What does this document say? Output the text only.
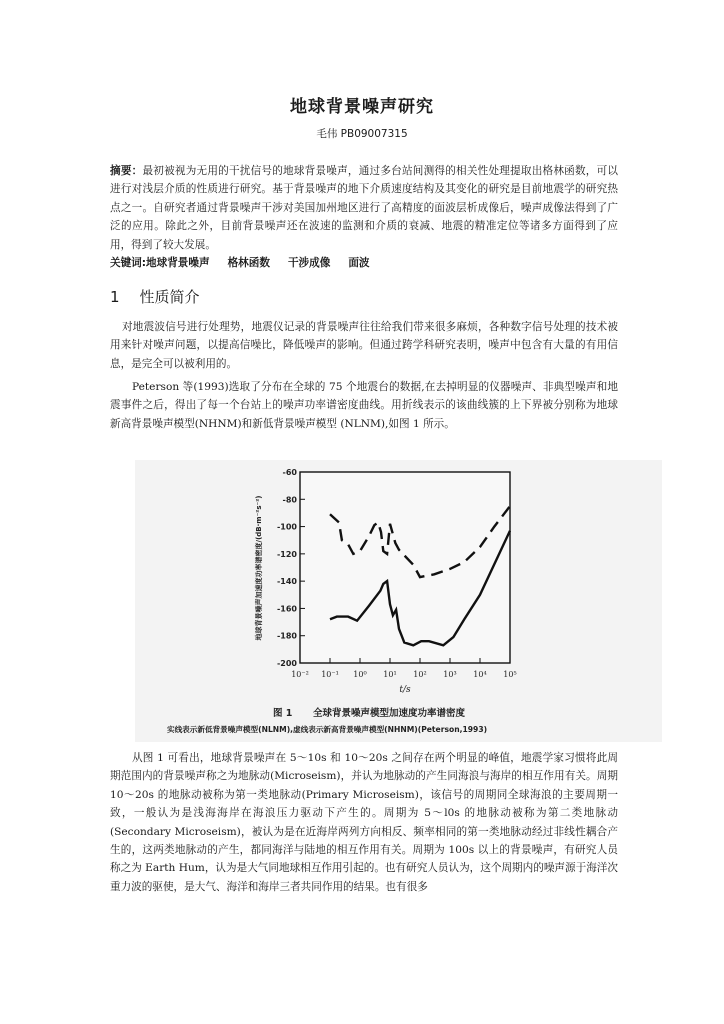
地球背景噪声研究
毛伟 PB09007315

摘要：最初被视为无用的干扰信号的地球背景噪声，通过多台站间测得的相关性处理提取出格林函数，可以进行对浅层介质的性质进行研究。基于背景噪声的地下介质速度结构及其变化的研究是目前地震学的研究热点之一。自研究者通过背景噪声干涉对美国加州地区进行了高精度的面波层析成像后，噪声成像法得到了广泛的应用。除此之外，目前背景噪声还在波速的监测和介质的衰减、地震的精准定位等诸多方面得到了应用，得到了较大发展。

关键词:地球背景噪声 格林函数 干涉成像 面波
1 性质简介

对地震波信号进行处理势，地震仪记录的背景噪声往往给我们带来很多麻烦，各种数字信号处理的技术被用来针对噪声问题，以提高信噪比，降低噪声的影响。但通过跨学科研究表明，噪声中包含有大量的有用信息，是完全可以被利用的。

Peterson 等(1993)选取了分布在全球的 75 个地震台的数据,在去掉明显的仪器噪声、非典型噪声和地震事件之后，得出了每一个台站上的噪声功率谱密度曲线。用折线表示的该曲线簇的上下界被分别称为地球新高背景噪声模型(NHNM)和新低背景噪声模型 (NLNM),如图 1 所示。

-60
-80
-100
-120
-140
-160
-180
-200
10⁻² 10⁻¹ 10⁰ 10¹ 10² 10³ 10⁴ 10⁵
地球背景噪声加速度功率谱密度/(dB·m⁻²s⁻²)
t/s
图 1 全球背景噪声模型加速度功率谱密度
实线表示新低背景噪声模型(NLNM),虚线表示新高背景噪声模型(NHNM)(Peterson,1993)

从图 1 可看出，地球背景噪声在 5～10s 和 10～20s 之间存在两个明显的峰值，地震学家习惯将此周期范围内的背景噪声称之为地脉动(Microseism)，并认为地脉动的产生同海浪与海岸的相互作用有关。周期 10～20s 的地脉动被称为第一类地脉动(Primary Microseism)，该信号的周期同全球海浪的主要周期一致，一般认为是浅海海岸在海浪压力驱动下产生的。周期为 5～l0s 的地脉动被称为第二类地脉动(Secondary Microseism)，被认为是在近海岸两列方向相反、频率相同的第一类地脉动经过非线性耦合产生的，这两类地脉动的产生，都同海洋与陆地的相互作用有关。周期为 100s 以上的背景噪声，有研究人员称之为 Earth Hum，认为是大气同地球相互作用引起的。也有研究人员认为，这个周期内的噪声源于海洋次重力波的驱使，是大气、海洋和海岸三者共同作用的结果。也有很多
